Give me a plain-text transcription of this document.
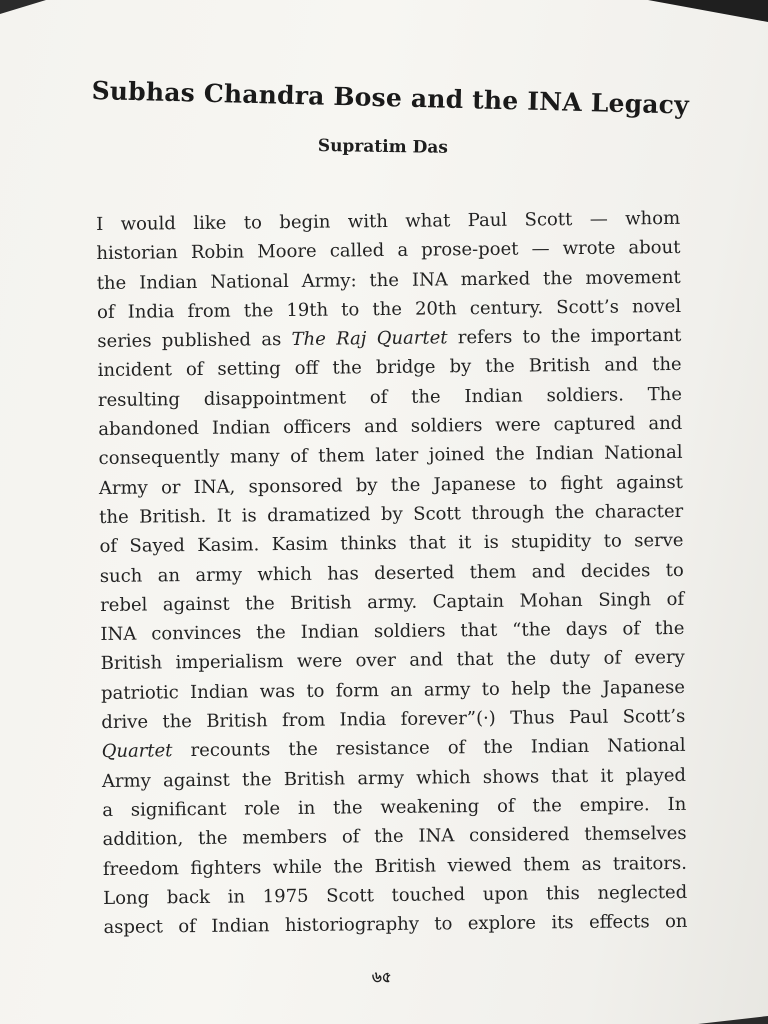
Subhas Chandra Bose and the INA Legacy
Supratim Das
I would like to begin with what Paul Scott — whom
historian Robin Moore called a prose-poet — wrote about
the Indian National Army: the INA marked the movement
of India from the 19th to the 20th century. Scott’s novel
series published as The Raj Quartet refers to the important
incident of setting off the bridge by the British and the
resulting disappointment of the Indian soldiers. The
abandoned Indian officers and soldiers were captured and
consequently many of them later joined the Indian National
Army or INA, sponsored by the Japanese to fight against
the British. It is dramatized by Scott through the character
of Sayed Kasim. Kasim thinks that it is stupidity to serve
such an army which has deserted them and decides to
rebel against the British army. Captain Mohan Singh of
INA convinces the Indian soldiers that “the days of the
British imperialism were over and that the duty of every
patriotic Indian was to form an army to help the Japanese
drive the British from India forever”(·) Thus Paul Scott’s
Quartet recounts the resistance of the Indian National
Army against the British army which shows that it played
a significant role in the weakening of the empire. In
addition, the members of the INA considered themselves
freedom fighters while the British viewed them as traitors.
Long back in 1975 Scott touched upon this neglected
aspect of Indian historiography to explore its effects on
৬৫
